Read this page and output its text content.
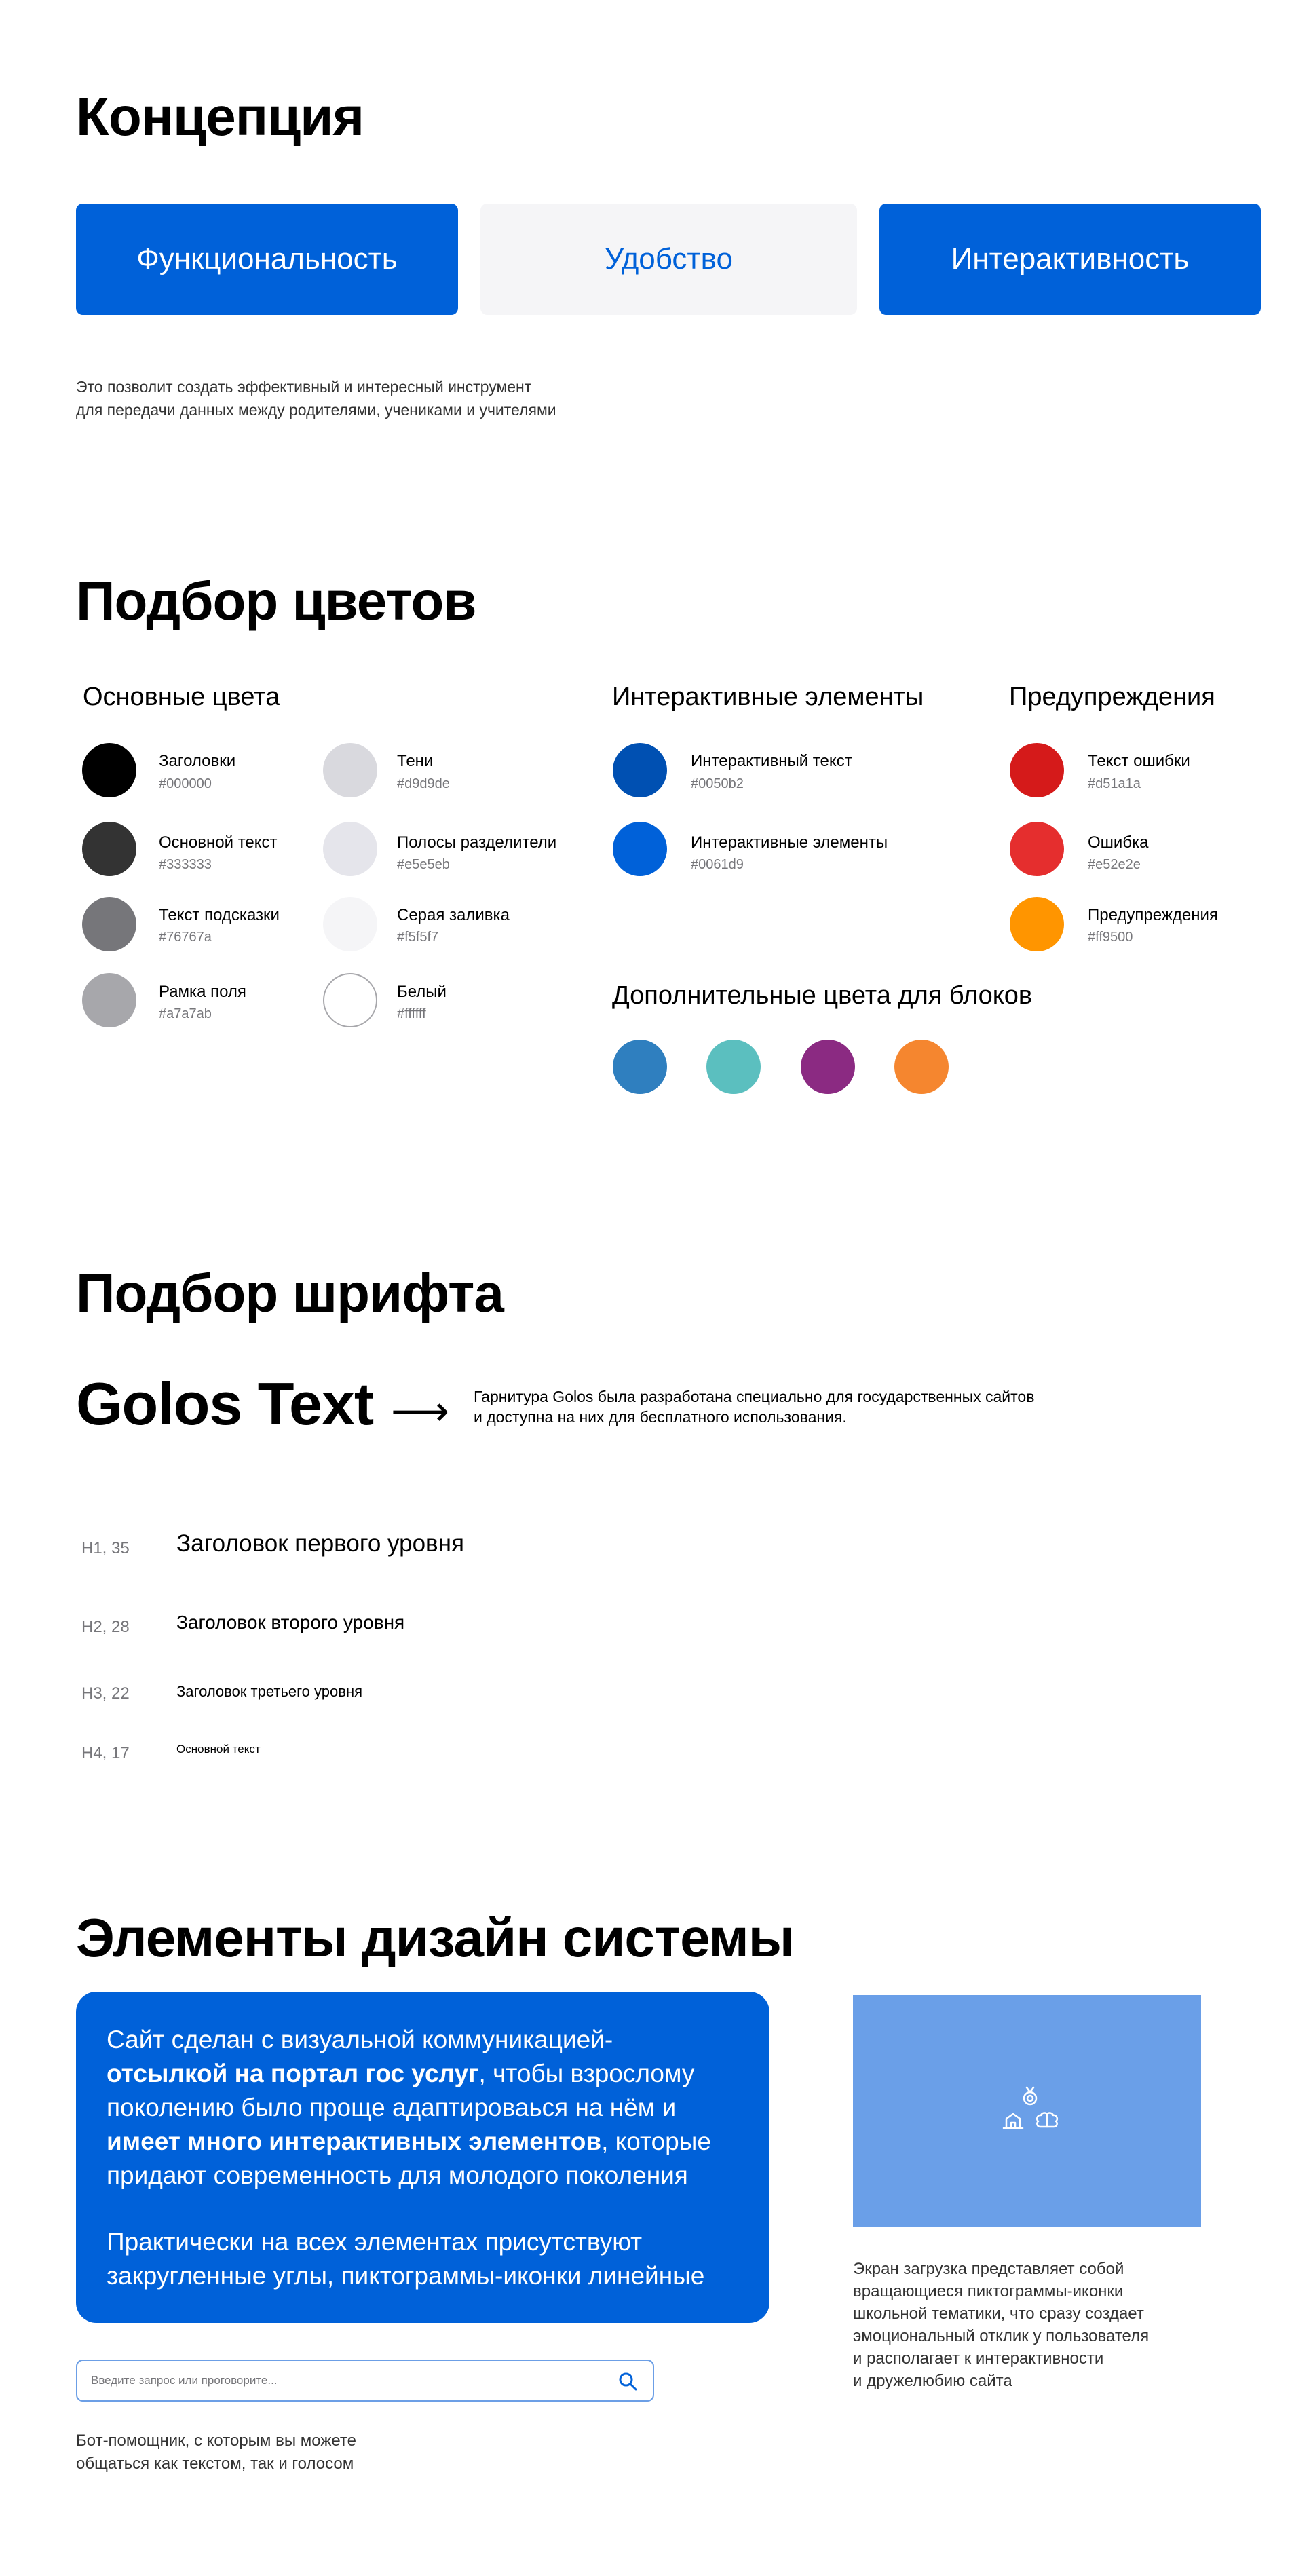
Концепция
Функциональность	Удобство	Интерактивность
Это позволит создать эффективный и интересный инструмент
для передачи данных между родителями, учениками и учителями
Подбор цветов
Основные цвета
Заголовки
#000000
Основной текст
#333333
Текст подсказки
#76767a
Рамка поля
#a7a7ab
Тени
#d9d9de
Полосы разделители
#e5e5eb
Серая заливка
#f5f5f7
Белый
#ffffff
Интерактивные элементы
Интерактивный текст
#0050b2
Интерактивные элементы
#0061d9
Предупреждения
Текст ошибки
#d51a1a
Ошибка
#e52e2e
Предупреждения
#ff9500
Дополнительные цвета для блоков
Подбор шрифта
Golos Text ⟶ Гарнитура Golos была разработана специально для государственных сайтов
и доступна на них для бесплатного использования.
H1, 35 Заголовок первого уровня
H2, 28 Заголовок второго уровня
H3, 22	Заголовок третьего уровня
H4, 17	Основной текст
Элементы дизайн системы

Сайт сделан с визуальной коммуникацией-
отсылкой на портал гос услуг, чтобы взрослому поколению было проще адаптироваься на нём и имеет много интерактивных элементов, которые придают современность для молодого поколения

Практически на всех элементах присутствуют закругленные углы, пиктограммы-иконки линейные

Введите запрос или проговорите...
Бот-помощник, с которым вы можете
общаться как текстом, так и голосом
Экран загрузка представляет собой
вращающиеся пиктограммы-иконки
школьной тематики, что сразу создает
эмоциональный отклик у пользователя
и располагает к интерактивности
и дружелюбию сайта
